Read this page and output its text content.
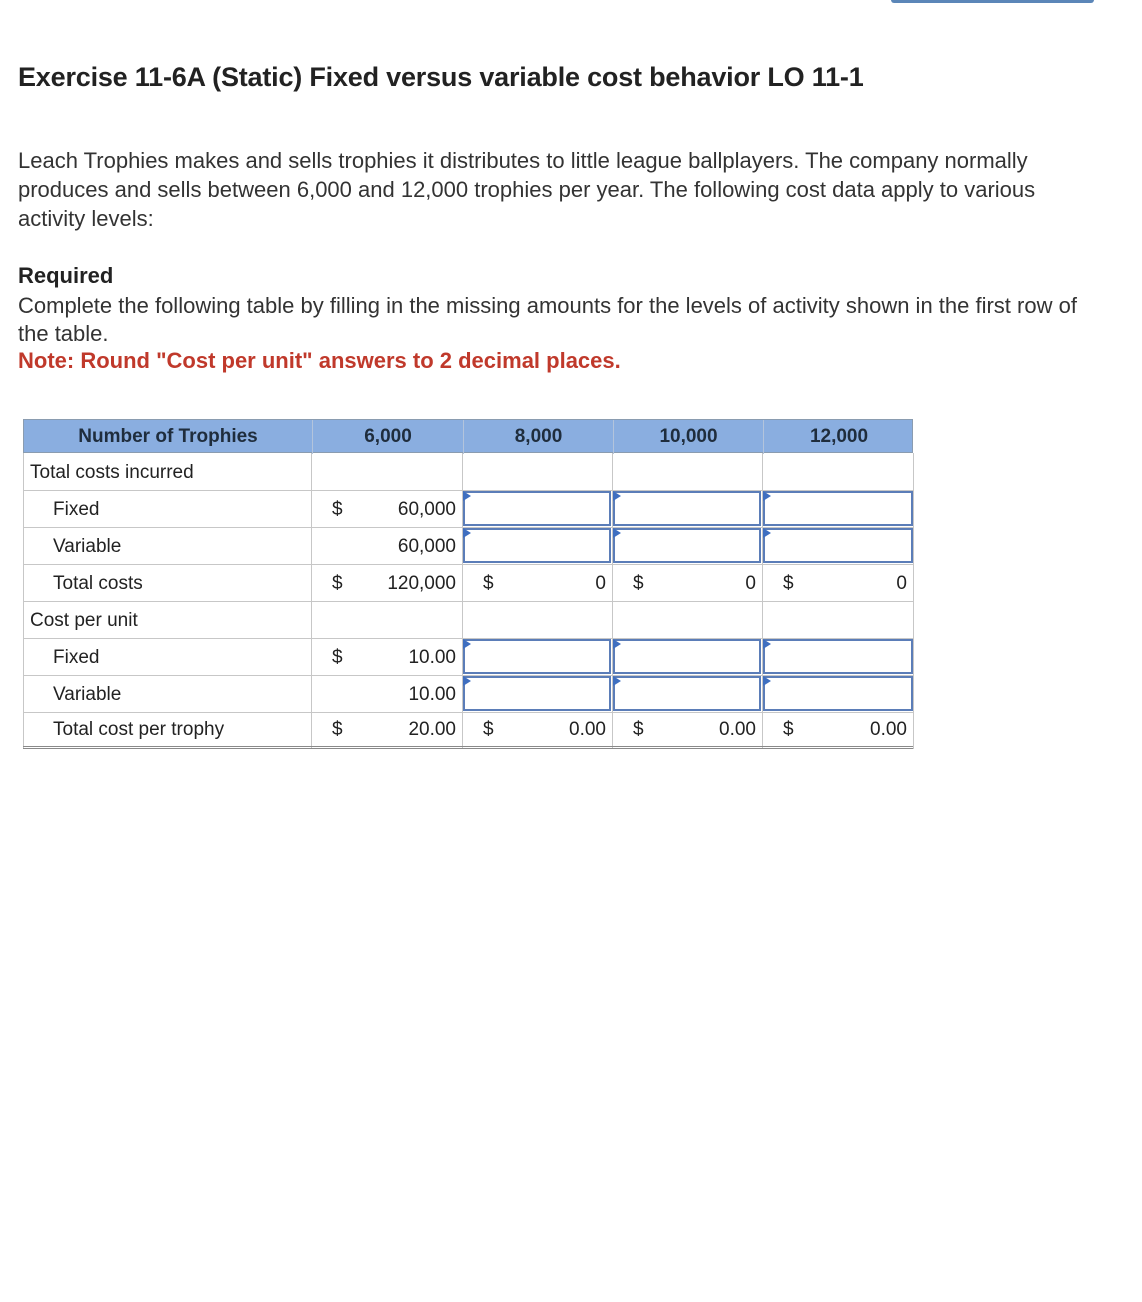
Exercise 11-6A (Static) Fixed versus variable cost behavior LO 11-1

Leach Trophies makes and sells trophies it distributes to little league ballplayers. The company normally produces and sells between 6,000 and 12,000 trophies per year. The following cost data apply to various activity levels:

Required

Complete the following table by filling in the missing amounts for the levels of activity shown in the first row of the table.

Note: Round "Cost per unit" answers to 2 decimal places.

Number of Trophies	6,000	8,000	10,000	12,000
Total costs incurred
Fixed	$	60,000
Variable	60,000
Total costs	$	120,000 $	0 $	0 $	0
Cost per unit
Fixed	$	10.00
Variable	10.00
Total cost per trophy	$	20.00 $	0.00 $	0.00 $	0.00
